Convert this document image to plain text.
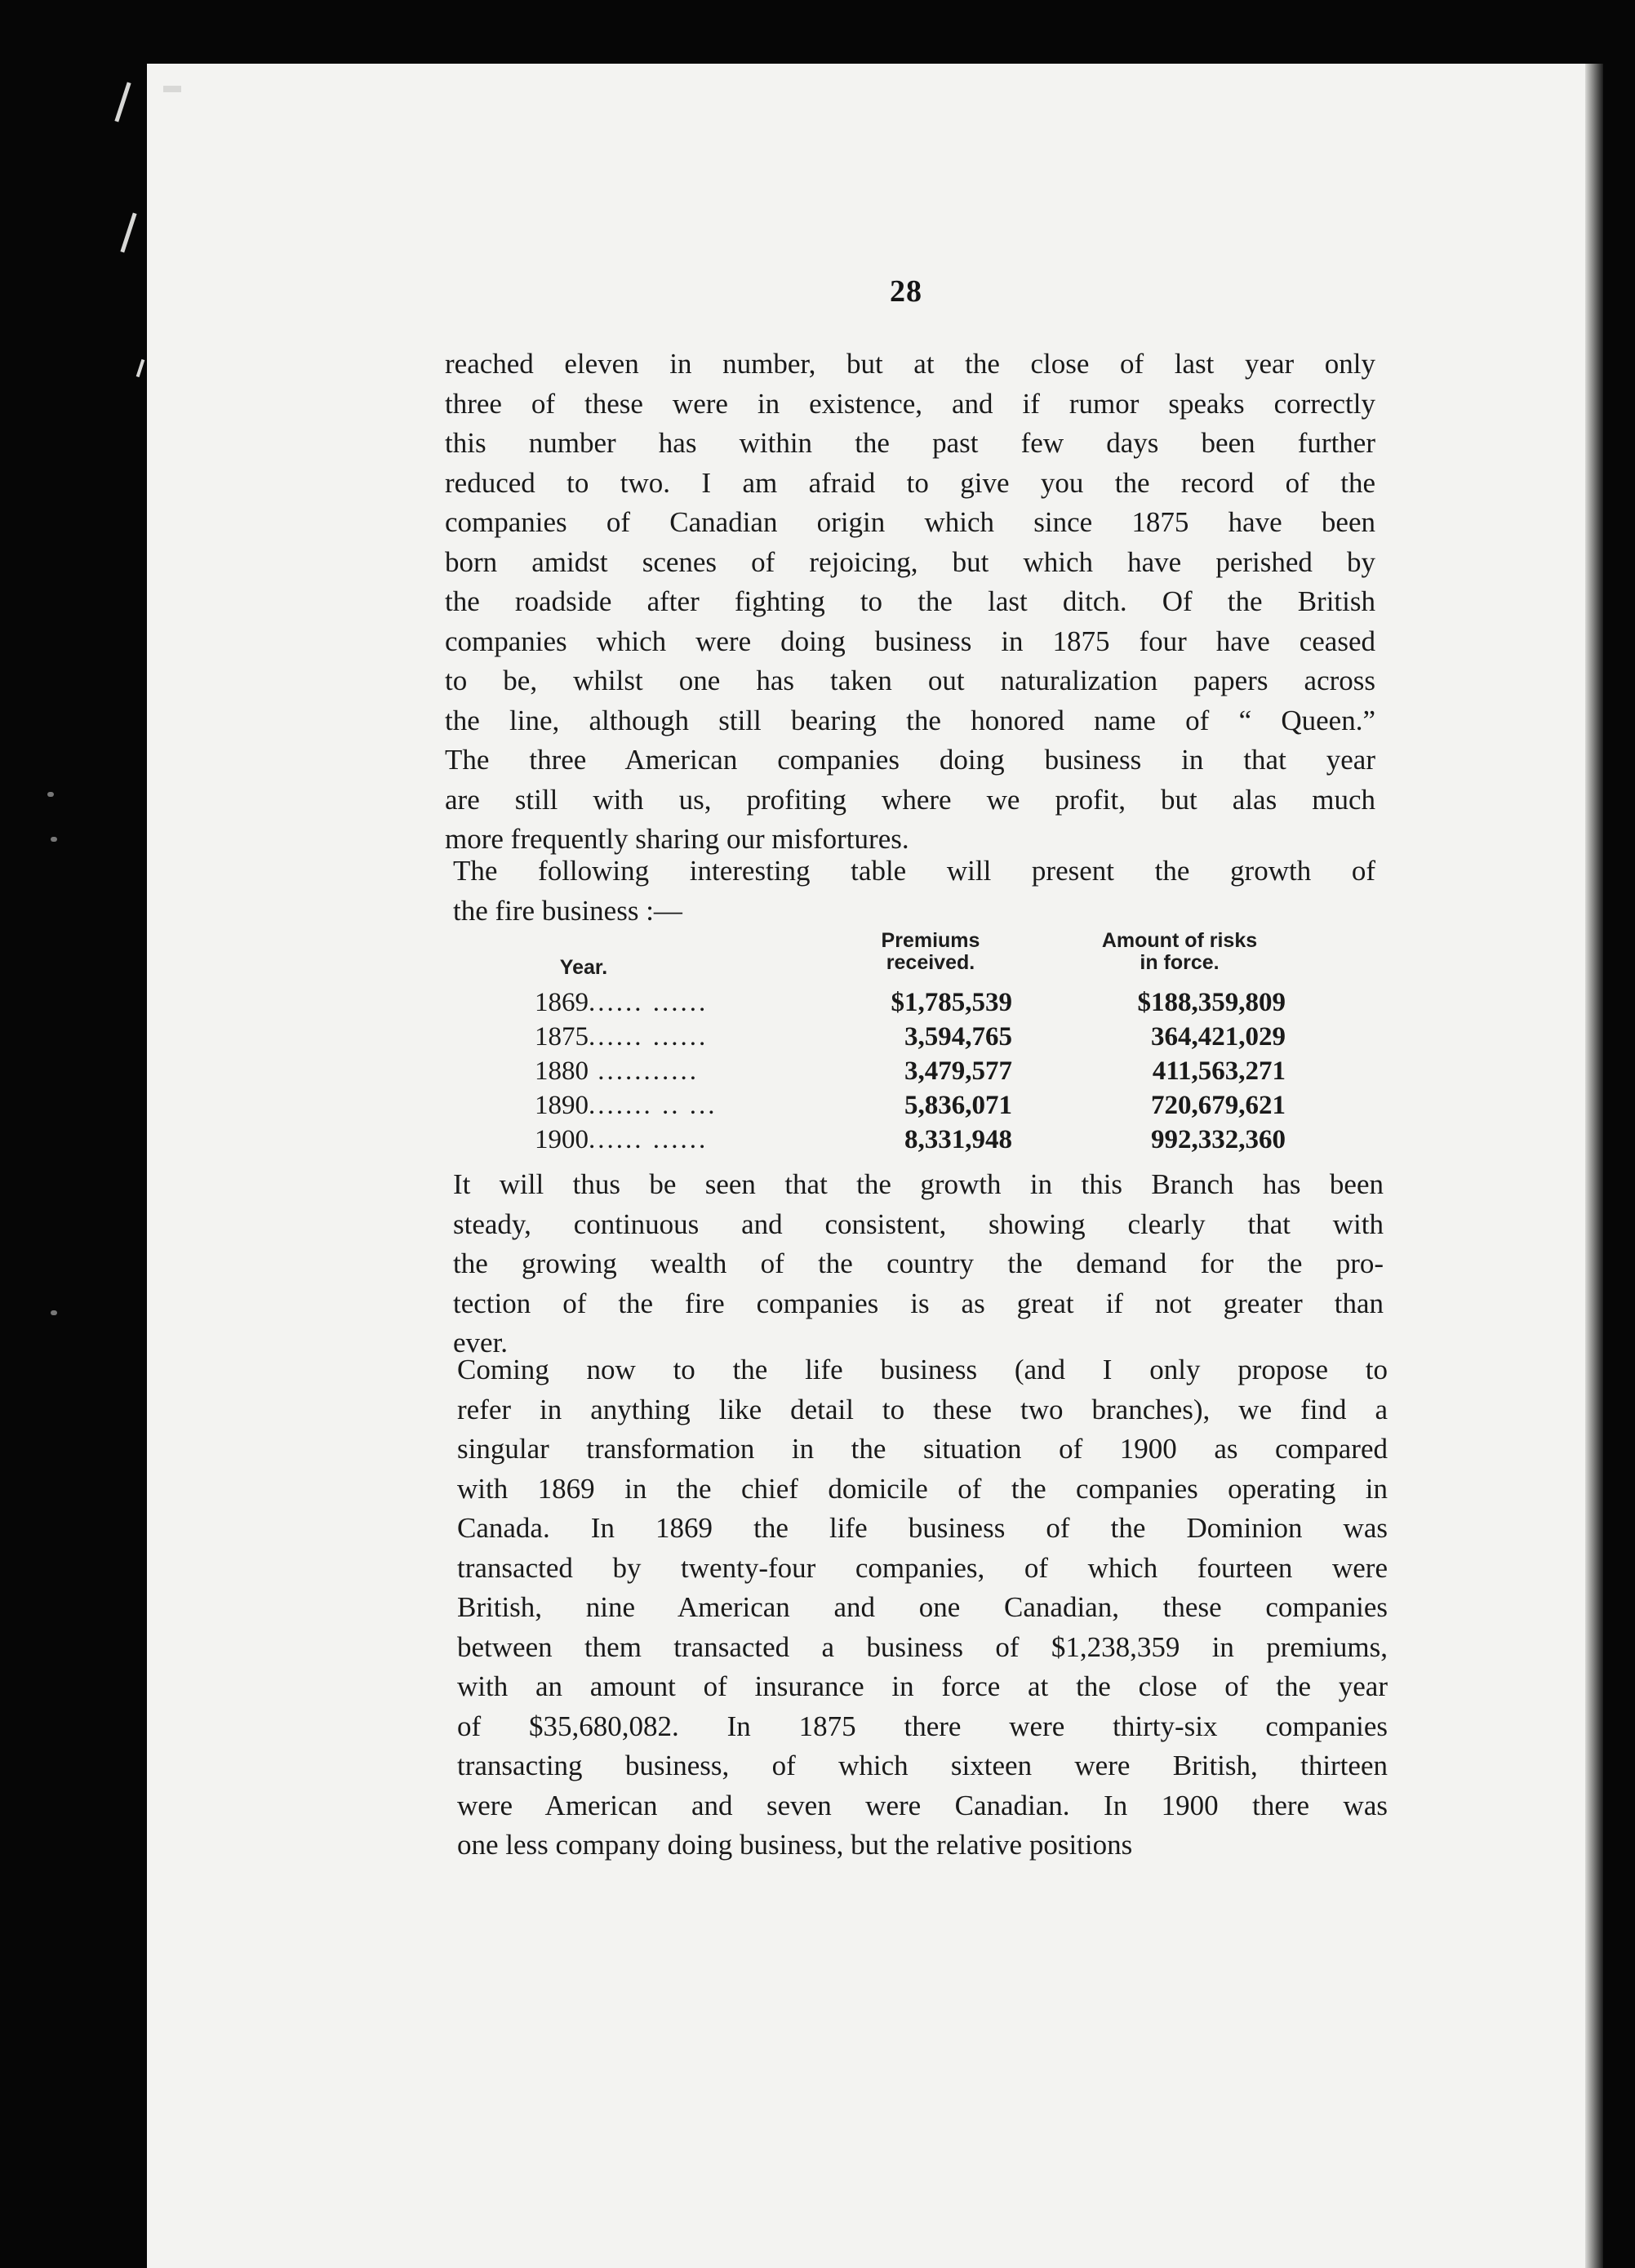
28

reached eleven in number, but at the close of last year only
three of these were in existence, and if rumor speaks correctly
this number has within the past few days been further
reduced to two. I am afraid to give you the record of the
companies of Canadian origin which since 1875 have been
born amidst scenes of rejoicing, but which have perished by
the roadside after fighting to the last ditch. Of the British
companies which were doing business in 1875 four have ceased
to be, whilst one has taken out naturalization papers across
the line, although still bearing the honored name of “ Queen.”
The three American companies doing business in that year
are still with us, profiting where we profit, but alas much
more frequently sharing our misfortures.

The following interesting table will present the growth of
the fire business :—

Year.
Premiums
received.
Amount of risks
in force.
1869...... ......	$1,785,539	$188,359,809
1875...... ......	3,594,765	364,421,029
1880 ...........	3,479,577	411,563,271
1890....... .. ...	5,836,071	720,679,621
1900...... ......	8,331,948	992,332,360

It will thus be seen that the growth in this Branch has been
steady, continuous and consistent, showing clearly that with
the growing wealth of the country the demand for the pro-
tection of the fire companies is as great if not greater than
ever.

Coming now to the life business (and I only propose to
refer in anything like detail to these two branches), we find a
singular transformation in the situation of 1900 as compared
with 1869 in the chief domicile of the companies operating in
Canada. In 1869 the life business of the Dominion was
transacted by twenty-four companies, of which fourteen were
British, nine American and one Canadian, these companies
between them transacted a business of $1,238,359 in premiums,
with an amount of insurance in force at the close of the year
of $35,680,082. In 1875 there were thirty-six companies
transacting business, of which sixteen were British, thirteen
were American and seven were Canadian. In 1900 there was
one less company doing business, but the relative positions
